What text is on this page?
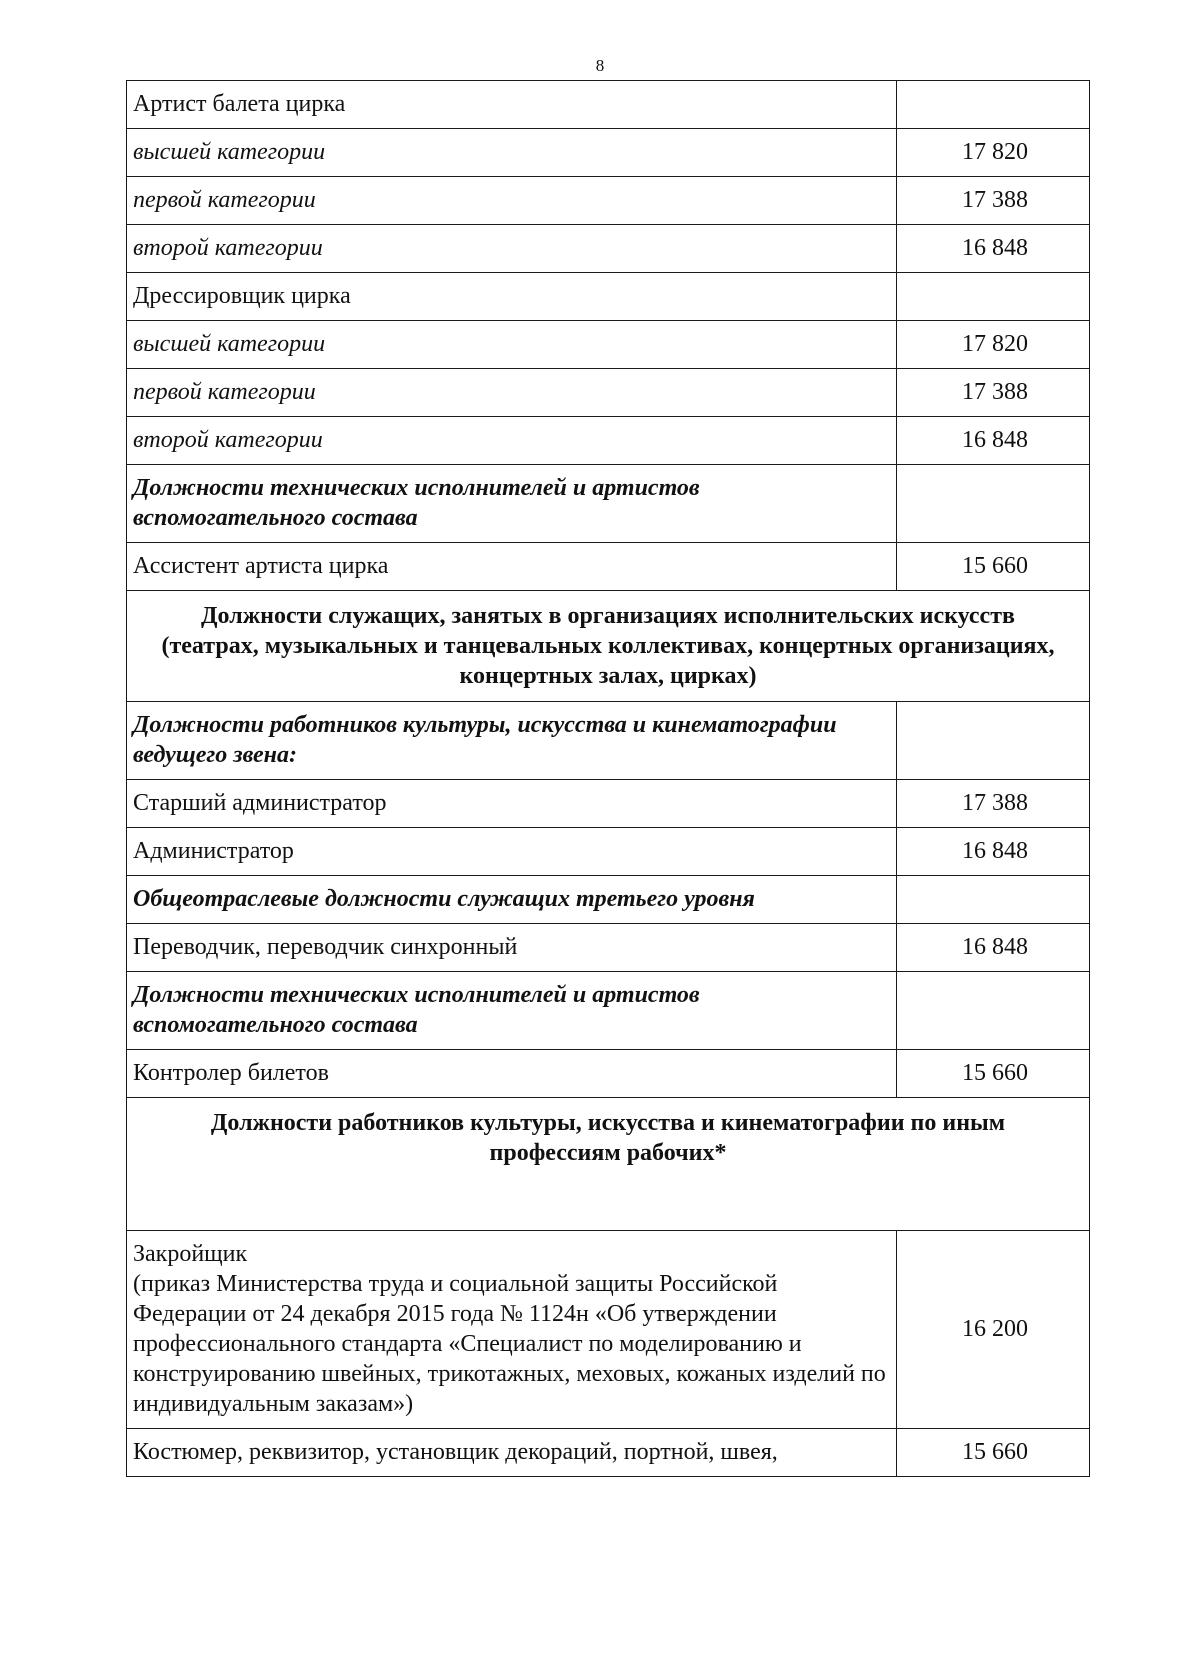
8
Артист балета цирка	
высшей категории	17 820
первой категории	17 388
второй категории	16 848
Дрессировщик цирка	
высшей категории	17 820
первой категории	17 388
второй категории	16 848
Должности технических исполнителей и артистов вспомогательного состава	
Ассистент артиста цирка	15 660
Должности служащих, занятых в организациях исполнительских искусств (театрах, музыкальных и танцевальных коллективах, концертных организациях, концертных залах, цирках)	
Должности работников культуры, искусства и кинематографии ведущего звена:	
Старший администратор	17 388
Администратор	16 848
Общеотраслевые должности служащих третьего уровня	
Переводчик, переводчик синхронный	16 848
Должности технических исполнителей и артистов вспомогательного состава	
Контролер билетов	15 660
Должности работников культуры, искусства и кинематографии по иным профессиям рабочих*	

Закройщик
(приказ Министерства труда и социальной защиты Российской Федерации от 24 декабря 2015 года № 1124н «Об утверждении профессионального стандарта «Специалист по моделированию и конструированию швейных, трикотажных, меховых, кожаных изделий по индивидуальным заказам»)	16 200
Костюмер, реквизитор, установщик декораций, портной, швея,	15 660
